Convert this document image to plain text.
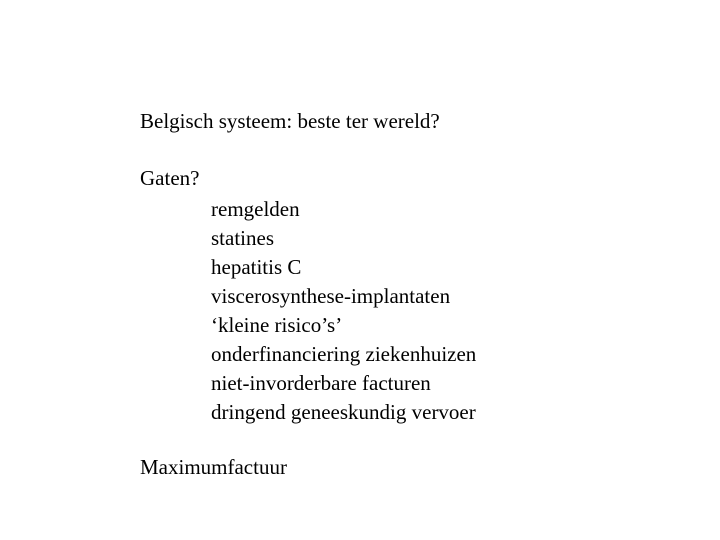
Belgisch systeem: beste ter wereld?
Gaten?
remgelden
statines
hepatitis C
viscerosynthese-implantaten
‘kleine risico’s’
onderfinanciering ziekenhuizen
niet-invorderbare facturen
dringend geneeskundig vervoer
Maximumfactuur
